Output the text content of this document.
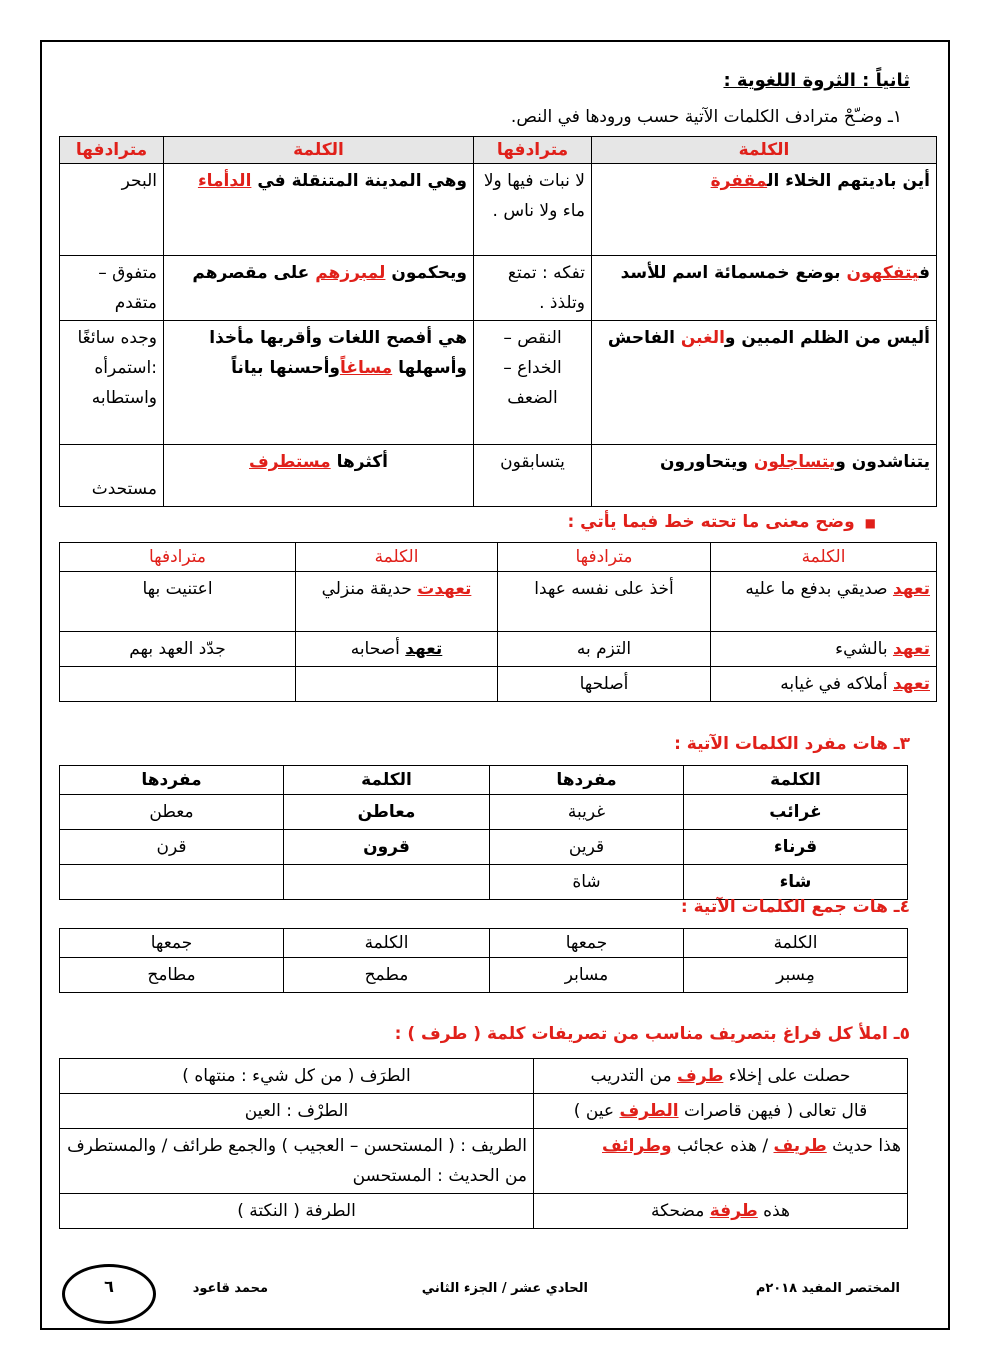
ثانياً : الثروة اللغوية :
١ـ وضـّحْ مترادف الكلمات الآتية حسب ورودها في النص.
الكلمة	مترادفها	الكلمة	مترادفها
أين باديتهم الخلاء المقفرة	لا نبات فيها ولا ماء ولا ناس .	وهي المدينة المتنقلة في الدأماء	البحر
فيتفكهون بوضع خمسمائة اسم للأسد	تفكه : تمتع وتلذذ .	ويحكمون لمبرزهم على مقصرهم	متفوق – متقدم
أليس من الظلم المبين والغبن الفاحش	النقص – الخداع – الضعف	هي أفصح اللغات وأقربها مأخذا وأسهلها مساغاًوأحسنها بياناً	وجده سائغًا :استمرأه واستطابه
يتناشدون ويتساجلون ويتحاورون	يتسابقون	أكثرها مستطرف	مستحدث
■وضح معنى ما تحته خط فيما يأتي :
الكلمة	مترادفها	الكلمة	مترادفها
تعهد صديقي بدفع ما عليه	أخذ على نفسه عهدا	تعهدت حديقة منزلي	اعتنيت بها
تعهد بالشيء	التزم به	تعهد أصحابه	جدّد العهد بهم
تعهد أملاكه في غيابه	أصلحها		
٣ـ هات مفرد الكلمات الآتية :
الكلمة	مفردها	الكلمة	مفردها
غرائب	غريبة	معاطن	معطن
قرناء	قرين	قرون	قرن
شاء	شاة		
٤ـ هات جمع الكلمات الآتية :
الكلمة	جمعها	الكلمة	جمعها
مِسبر	مسابر	مطمح	مطامح
٥ـ املأ كل فراغ بتصريف مناسب من تصريفات كلمة ( طرف ) :
حصلت على إخلاء طرف من التدريب	الطرَف ( من كل شيء : منتهاه )
قال تعالى ( فيهن قاصرات الطرف عين )	الطرْف : العين
هذا حديث طريف / هذه عجائب وطرائف	الطريف : ( المستحسن – العجيب ) والجمع طرائف / والمستطرف من الحديث : المستحسن
هذه طرفة مضحكة	الطرفة ( النكتة )
المختصر المفيد ٢٠١٨م
الحادي عشر / الجزء الثاني
محمد قاعود
٦
